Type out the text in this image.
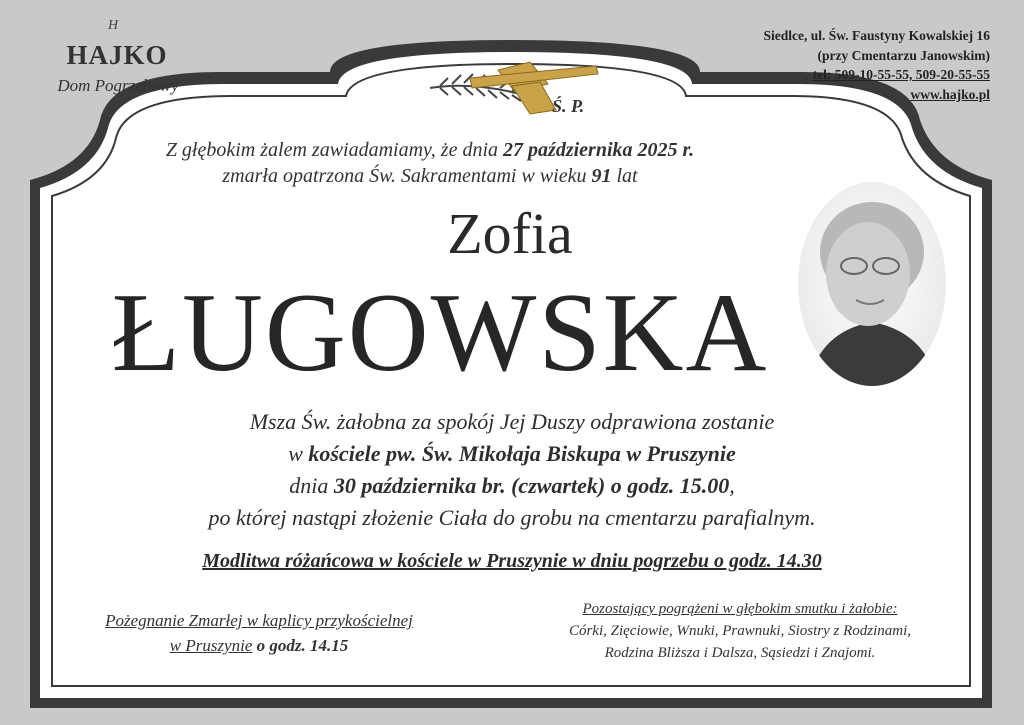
H
HAJKO
Dom Pogrzebowy
Siedlce, ul. Św. Faustyny Kowalskiej 16
(przy Cmentarzu Janowskim)
tel: 509-10-55-55, 509-20-55-55
www.hajko.pl
Ś. P.
Z głębokim żalem zawiadamiamy, że dnia 27 października 2025 r.
zmarła opatrzona Św. Sakramentami w wieku 91 lat
Zofia
ŁUGOWSKA
Msza Św. żałobna za spokój Jej Duszy odprawiona zostanie
w kościele pw. Św. Mikołaja Biskupa w Pruszynie
dnia 30 października br. (czwartek) o godz. 15.00,
po której nastąpi złożenie Ciała do grobu na cmentarzu parafialnym.
Modlitwa różańcowa w kościele w Pruszynie w dniu pogrzebu o godz. 14.30
Pożegnanie Zmarłej w kaplicy przykościelnej
w Pruszynie o godz. 14.15
Pozostający pogrążeni w głębokim smutku i żałobie:
Córki, Zięciowie, Wnuki, Prawnuki, Siostry z Rodzinami,
Rodzina Bliższa i Dalsza, Sąsiedzi i Znajomi.
